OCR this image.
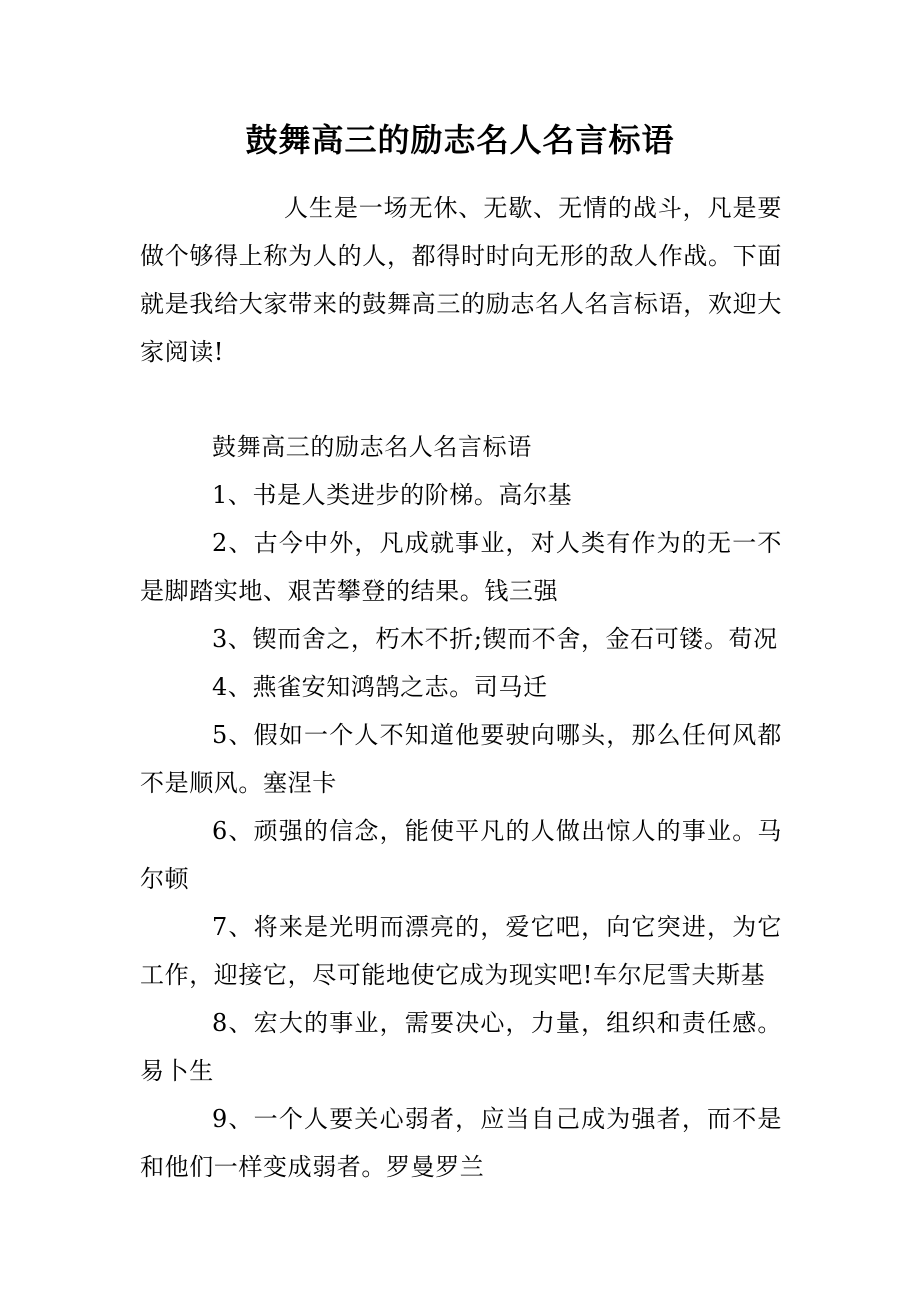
鼓舞高三的励志名人名言标语

人生是一场无休、无歇、无情的战斗，凡是要做个够得上称为人的人，都得时时向无形的敌人作战。下面就是我给大家带来的鼓舞高三的励志名人名言标语，欢迎大家阅读!

鼓舞高三的励志名人名言标语

1、书是人类进步的阶梯。高尔基

2、古今中外，凡成就事业，对人类有作为的无一不是脚踏实地、艰苦攀登的结果。钱三强

3、锲而舍之，朽木不折;锲而不舍，金石可镂。荀况

4、燕雀安知鸿鹄之志。司马迁

5、假如一个人不知道他要驶向哪头，那么任何风都不是顺风。塞涅卡

6、顽强的信念，能使平凡的人做出惊人的事业。马尔顿

7、将来是光明而漂亮的，爱它吧，向它突进，为它工作，迎接它，尽可能地使它成为现实吧!车尔尼雪夫斯基

8、宏大的事业，需要决心，力量，组织和责任感。易卜生

9、一个人要关心弱者，应当自己成为强者，而不是和他们一样变成弱者。罗曼罗兰
